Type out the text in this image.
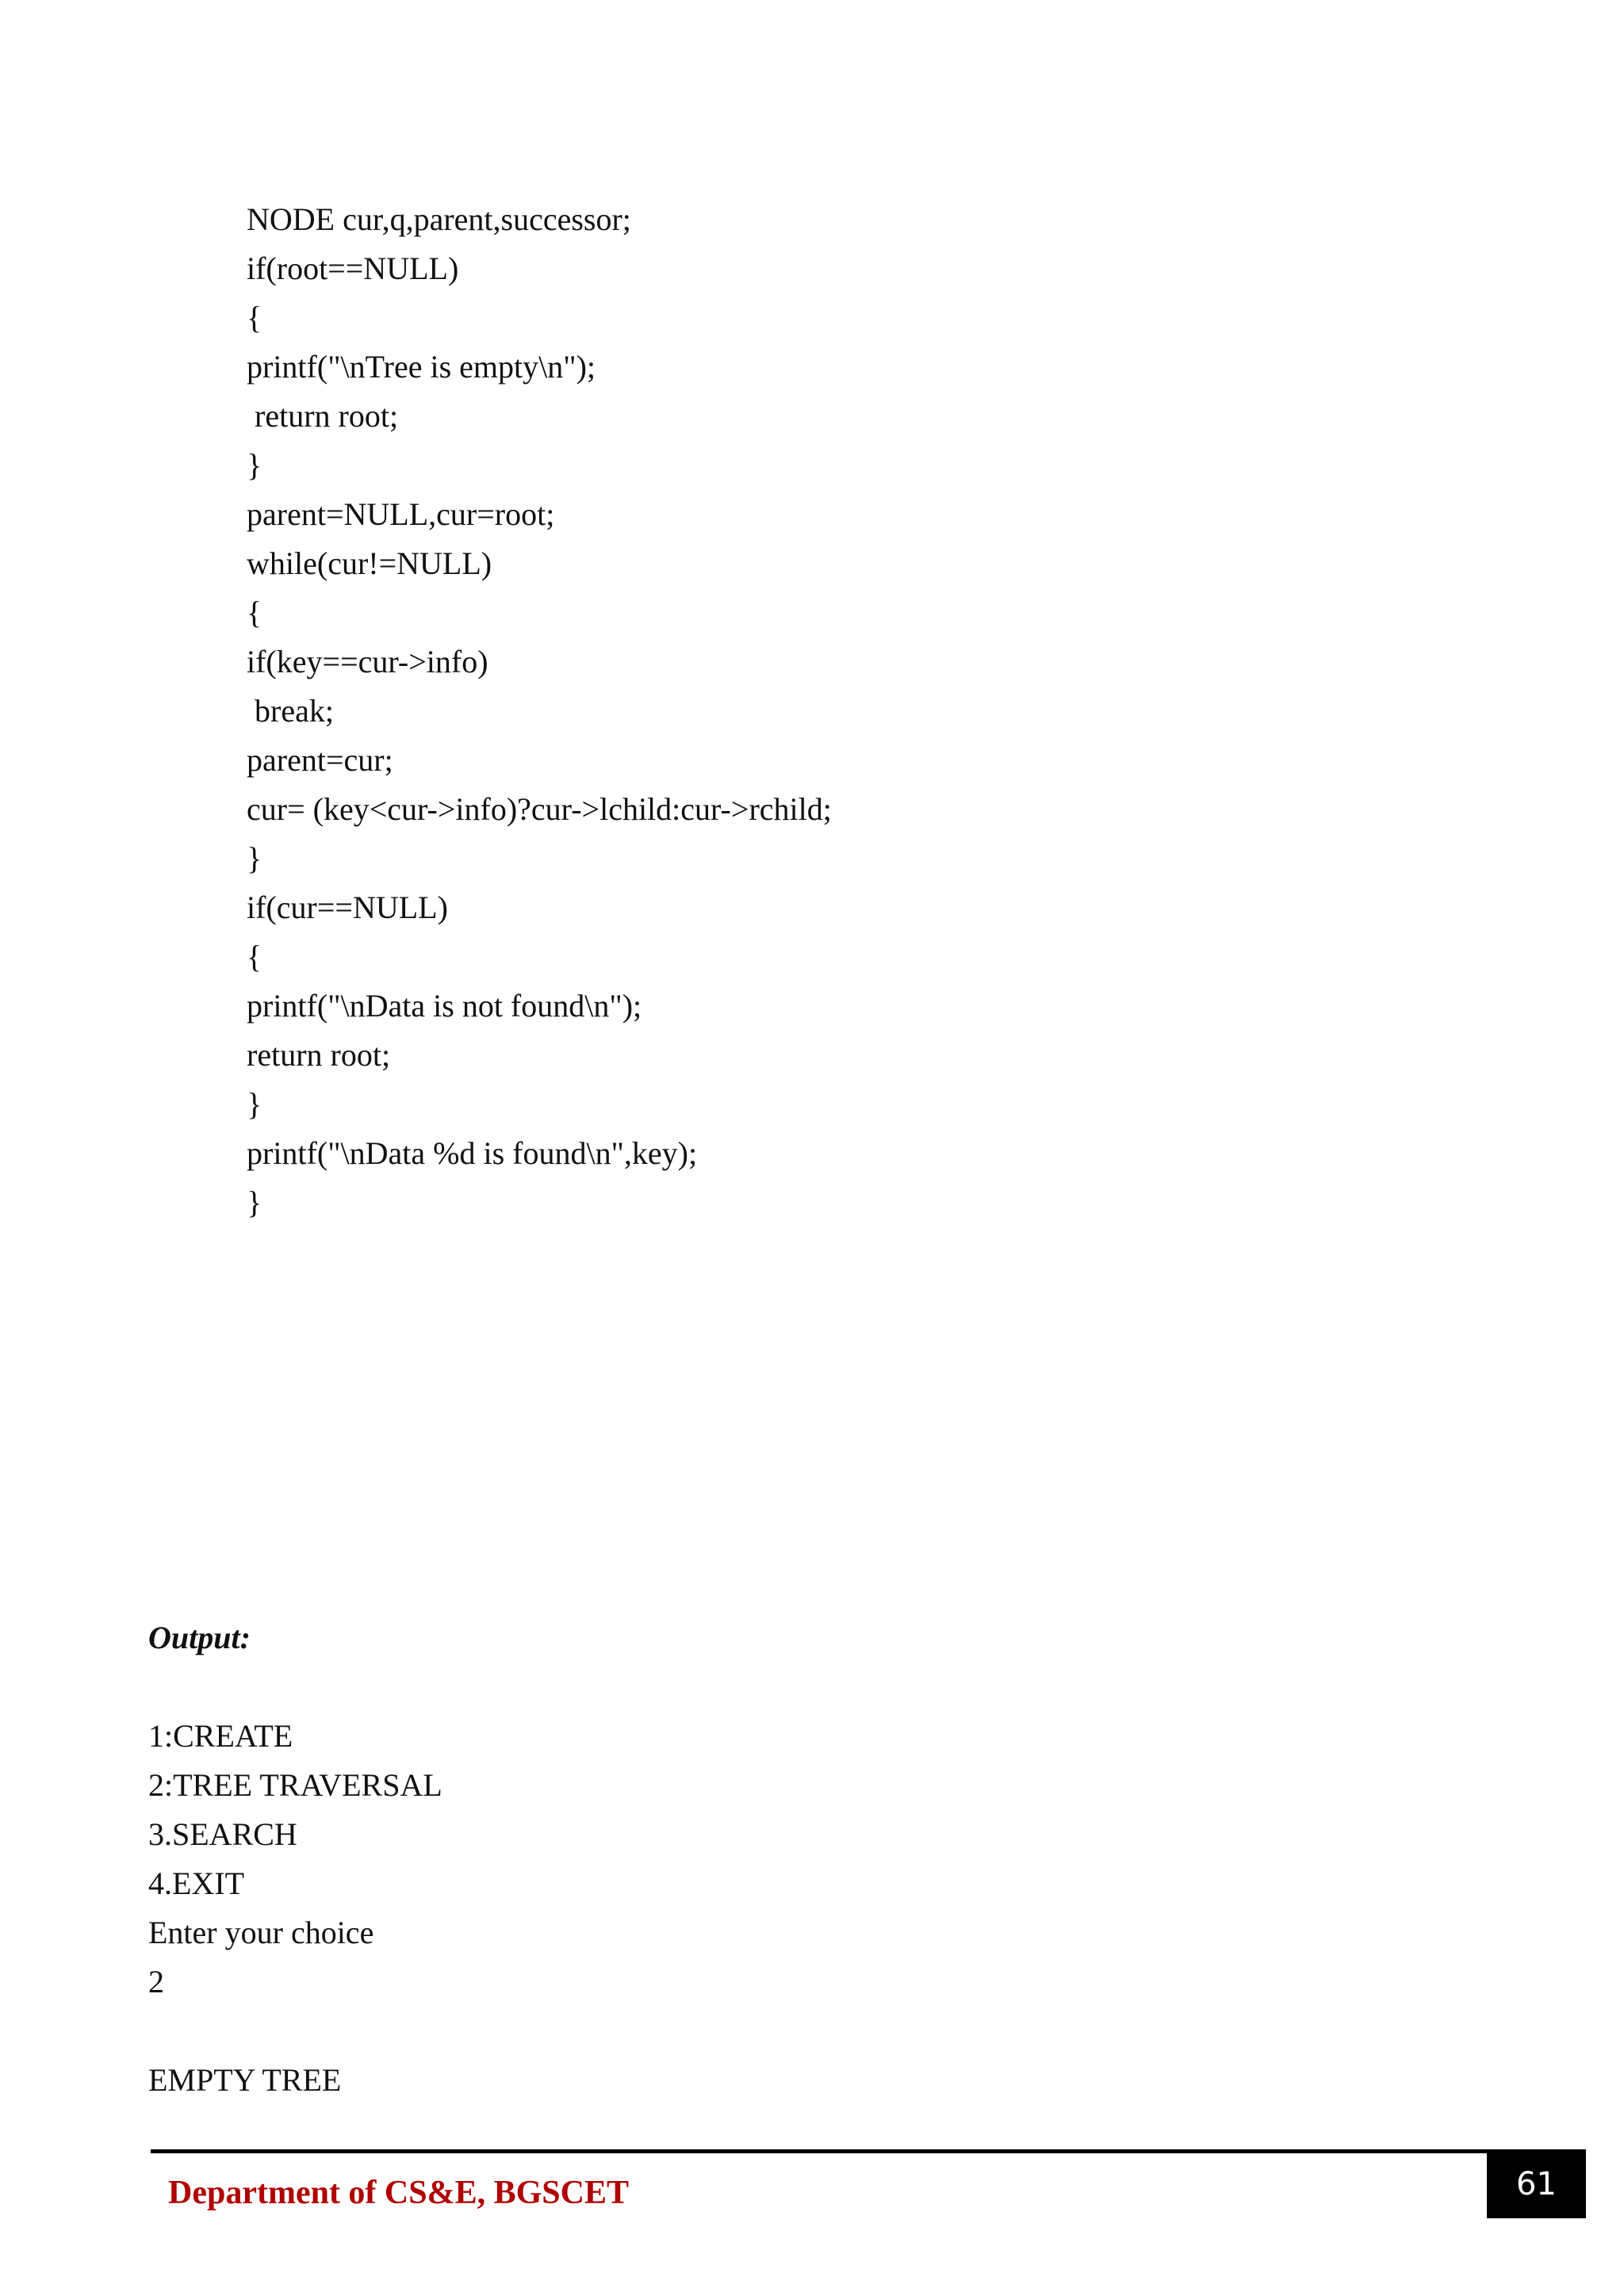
NODE cur,q,parent,successor;
if(root==NULL)
{
printf("\nTree is empty\n");
return root;
}
parent=NULL,cur=root;
while(cur!=NULL)
{
if(key==cur->info)
break;
parent=cur;
cur= (key<cur->info)?cur->lchild:cur->rchild;
}
if(cur==NULL)
{
printf("\nData is not found\n");
return root;
}
printf("\nData %d is found\n",key);
}
Output:
1:CREATE
2:TREE TRAVERSAL
3.SEARCH
4.EXIT
Enter your choice
2
EMPTY TREE
Department of CS&E, BGSCET	61
